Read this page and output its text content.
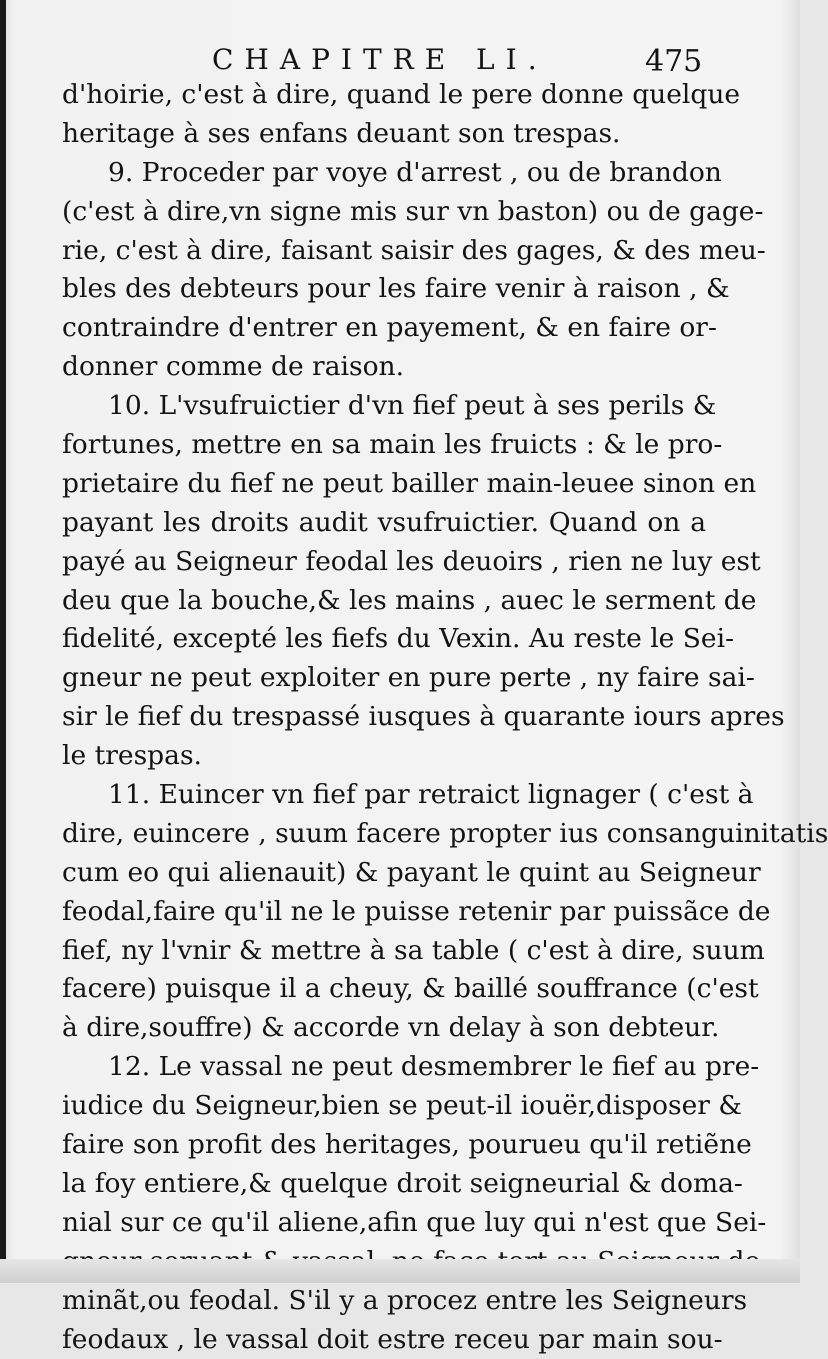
CHAPITRE LI.	475
d'hoirie, c'est à dire, quand le pere donne quelque
heritage à ses enfans deuant son trespas.
9. Proceder par voye d'arrest , ou de brandon
(c'est à dire,vn signe mis sur vn baston) ou de gage-
rie, c'est à dire, faisant saisir des gages, & des meu-
bles des debteurs pour les faire venir à raison , &
contraindre d'entrer en payement, & en faire or-
donner comme de raison.
10. L'vsufruictier d'vn fief peut à ses perils &
fortunes, mettre en sa main les fruicts : & le pro-
prietaire du fief ne peut bailler main-leuee sinon en
payant les droits audit vsufruictier. Quand on a
payé au Seigneur feodal les deuoirs , rien ne luy est
deu que la bouche,& les mains , auec le serment de
fidelité, excepté les fiefs du Vexin. Au reste le Sei-
gneur ne peut exploiter en pure perte , ny faire sai-
sir le fief du trespassé iusques à quarante iours apres
le trespas.
11. Euincer vn fief par retraict lignager ( c'est à
dire, euincere , suum facere propter ius consanguinitatis
cum eo qui alienauit) & payant le quint au Seigneur
feodal,faire qu'il ne le puisse retenir par puissãce de
fief, ny l'vnir & mettre à sa table ( c'est à dire, suum
facere) puisque il a cheuy, & baillé souffrance (c'est
à dire,souffre) & accorde vn delay à son debteur.
12. Le vassal ne peut desmembrer le fief au pre-
iudice du Seigneur,bien se peut-il iouër,disposer &
faire son profit des heritages, pourueu qu'il retiẽne
la foy entiere,& quelque droit seigneurial & doma-
nial sur ce qu'il aliene,afin que luy qui n'est que Sei-
minãt,ou feodal. S'il y a procez entre les Seigneurs
feodaux , le vassal doit estre receu par main sou-
